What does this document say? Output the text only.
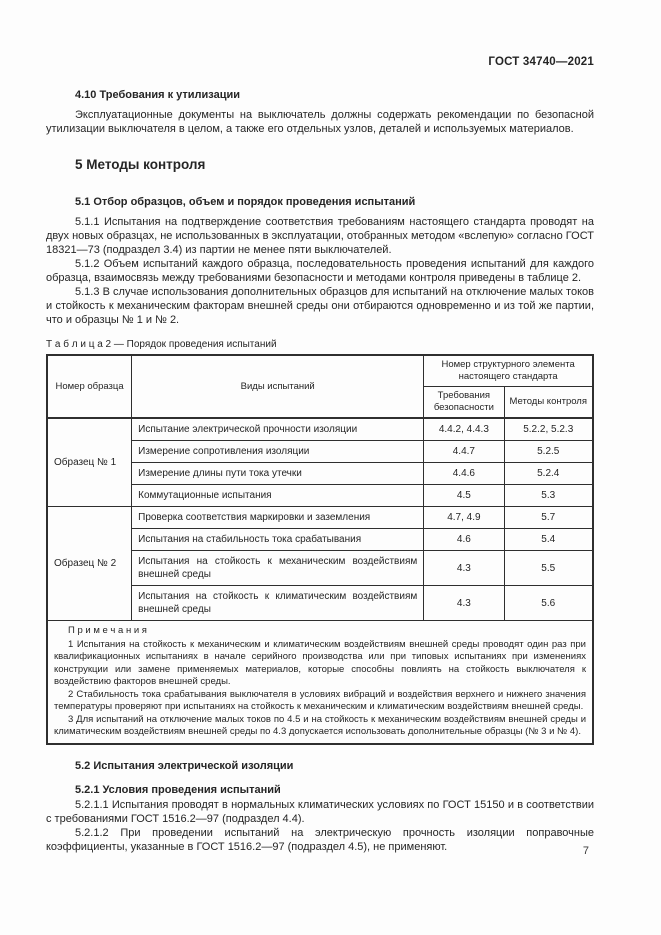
ГОСТ 34740—2021
4.10 Требования к утилизации

Эксплуатационные документы на выключатель должны содержать рекомендации по безопасной утилизации выключателя в целом, а также его отдельных узлов, деталей и используемых материалов.

5 Методы контроля
5.1 Отбор образцов, объем и порядок проведения испытаний

5.1.1 Испытания на подтверждение соответствия требованиям настоящего стандарта проводят на двух новых образцах, не использованных в эксплуатации, отобранных методом «вслепую» согласно ГОСТ 18321—73 (подраздел 3.4) из партии не менее пяти выключателей.

5.1.2 Объем испытаний каждого образца, последовательность проведения испытаний для каждого образца, взаимосвязь между требованиями безопасности и методами контроля приведены в таблице 2.

5.1.3 В случае использования дополнительных образцов для испытаний на отключение малых токов и стойкость к механическим факторам внешней среды они отбираются одновременно и из той же партии, что и образцы № 1 и № 2.

Т а б л и ц а 2 — Порядок проведения испытаний
Номер образца	Виды испытаний	Номер структурного элемента настоящего стандарта	
		Требования безопасности	Методы контроля
Образец № 1	Испытание электрической прочности изоляции	4.4.2, 4.4.3	5.2.2, 5.2.3
	Измерение сопротивления изоляции	4.4.7	5.2.5
	Измерение длины пути тока утечки	4.4.6	5.2.4
	Коммутационные испытания	4.5	5.3
Образец № 2	Проверка соответствия маркировки и заземления	4.7, 4.9	5.7
	Испытания на стабильность тока срабатывания	4.6	5.4
	Испытания на стойкость к механическим воздействиям внешней среды	4.3	5.5
	Испытания на стойкость к климатическим воздействиям внешней среды	4.3	5.6

П р и м е ч а н и я

1 Испытания на стойкость к механическим и климатическим воздействиям внешней среды проводят один раз при квалификационных испытаниях в начале серийного производства или при типовых испытаниях при изменениях конструкции или замене применяемых материалов, которые способны повлиять на стойкость выключателя к воздействию факторов внешней среды.

2 Стабильность тока срабатывания выключателя в условиях вибраций и воздействия верхнего и нижнего значения температуры проверяют при испытаниях на стойкость к механическим и климатическим воздействиям внешней среды.

3 Для испытаний на отключение малых токов по 4.5 и на стойкость к механическим воздействиям внешней среды и климатическим воздействиям внешней среды по 4.3 допускается использовать дополнительные образцы (№ 3 и № 4).			

5.2 Испытания электрической изоляции
5.2.1 Условия проведения испытаний

5.2.1.1 Испытания проводят в нормальных климатических условиях по ГОСТ 15150 и в соответствии с требованиями ГОСТ 1516.2—97 (подраздел 4.4).

5.2.1.2 При проведении испытаний на электрическую прочность изоляции поправочные коэффициенты, указанные в ГОСТ 1516.2—97 (подраздел 4.5), не применяют.	7
